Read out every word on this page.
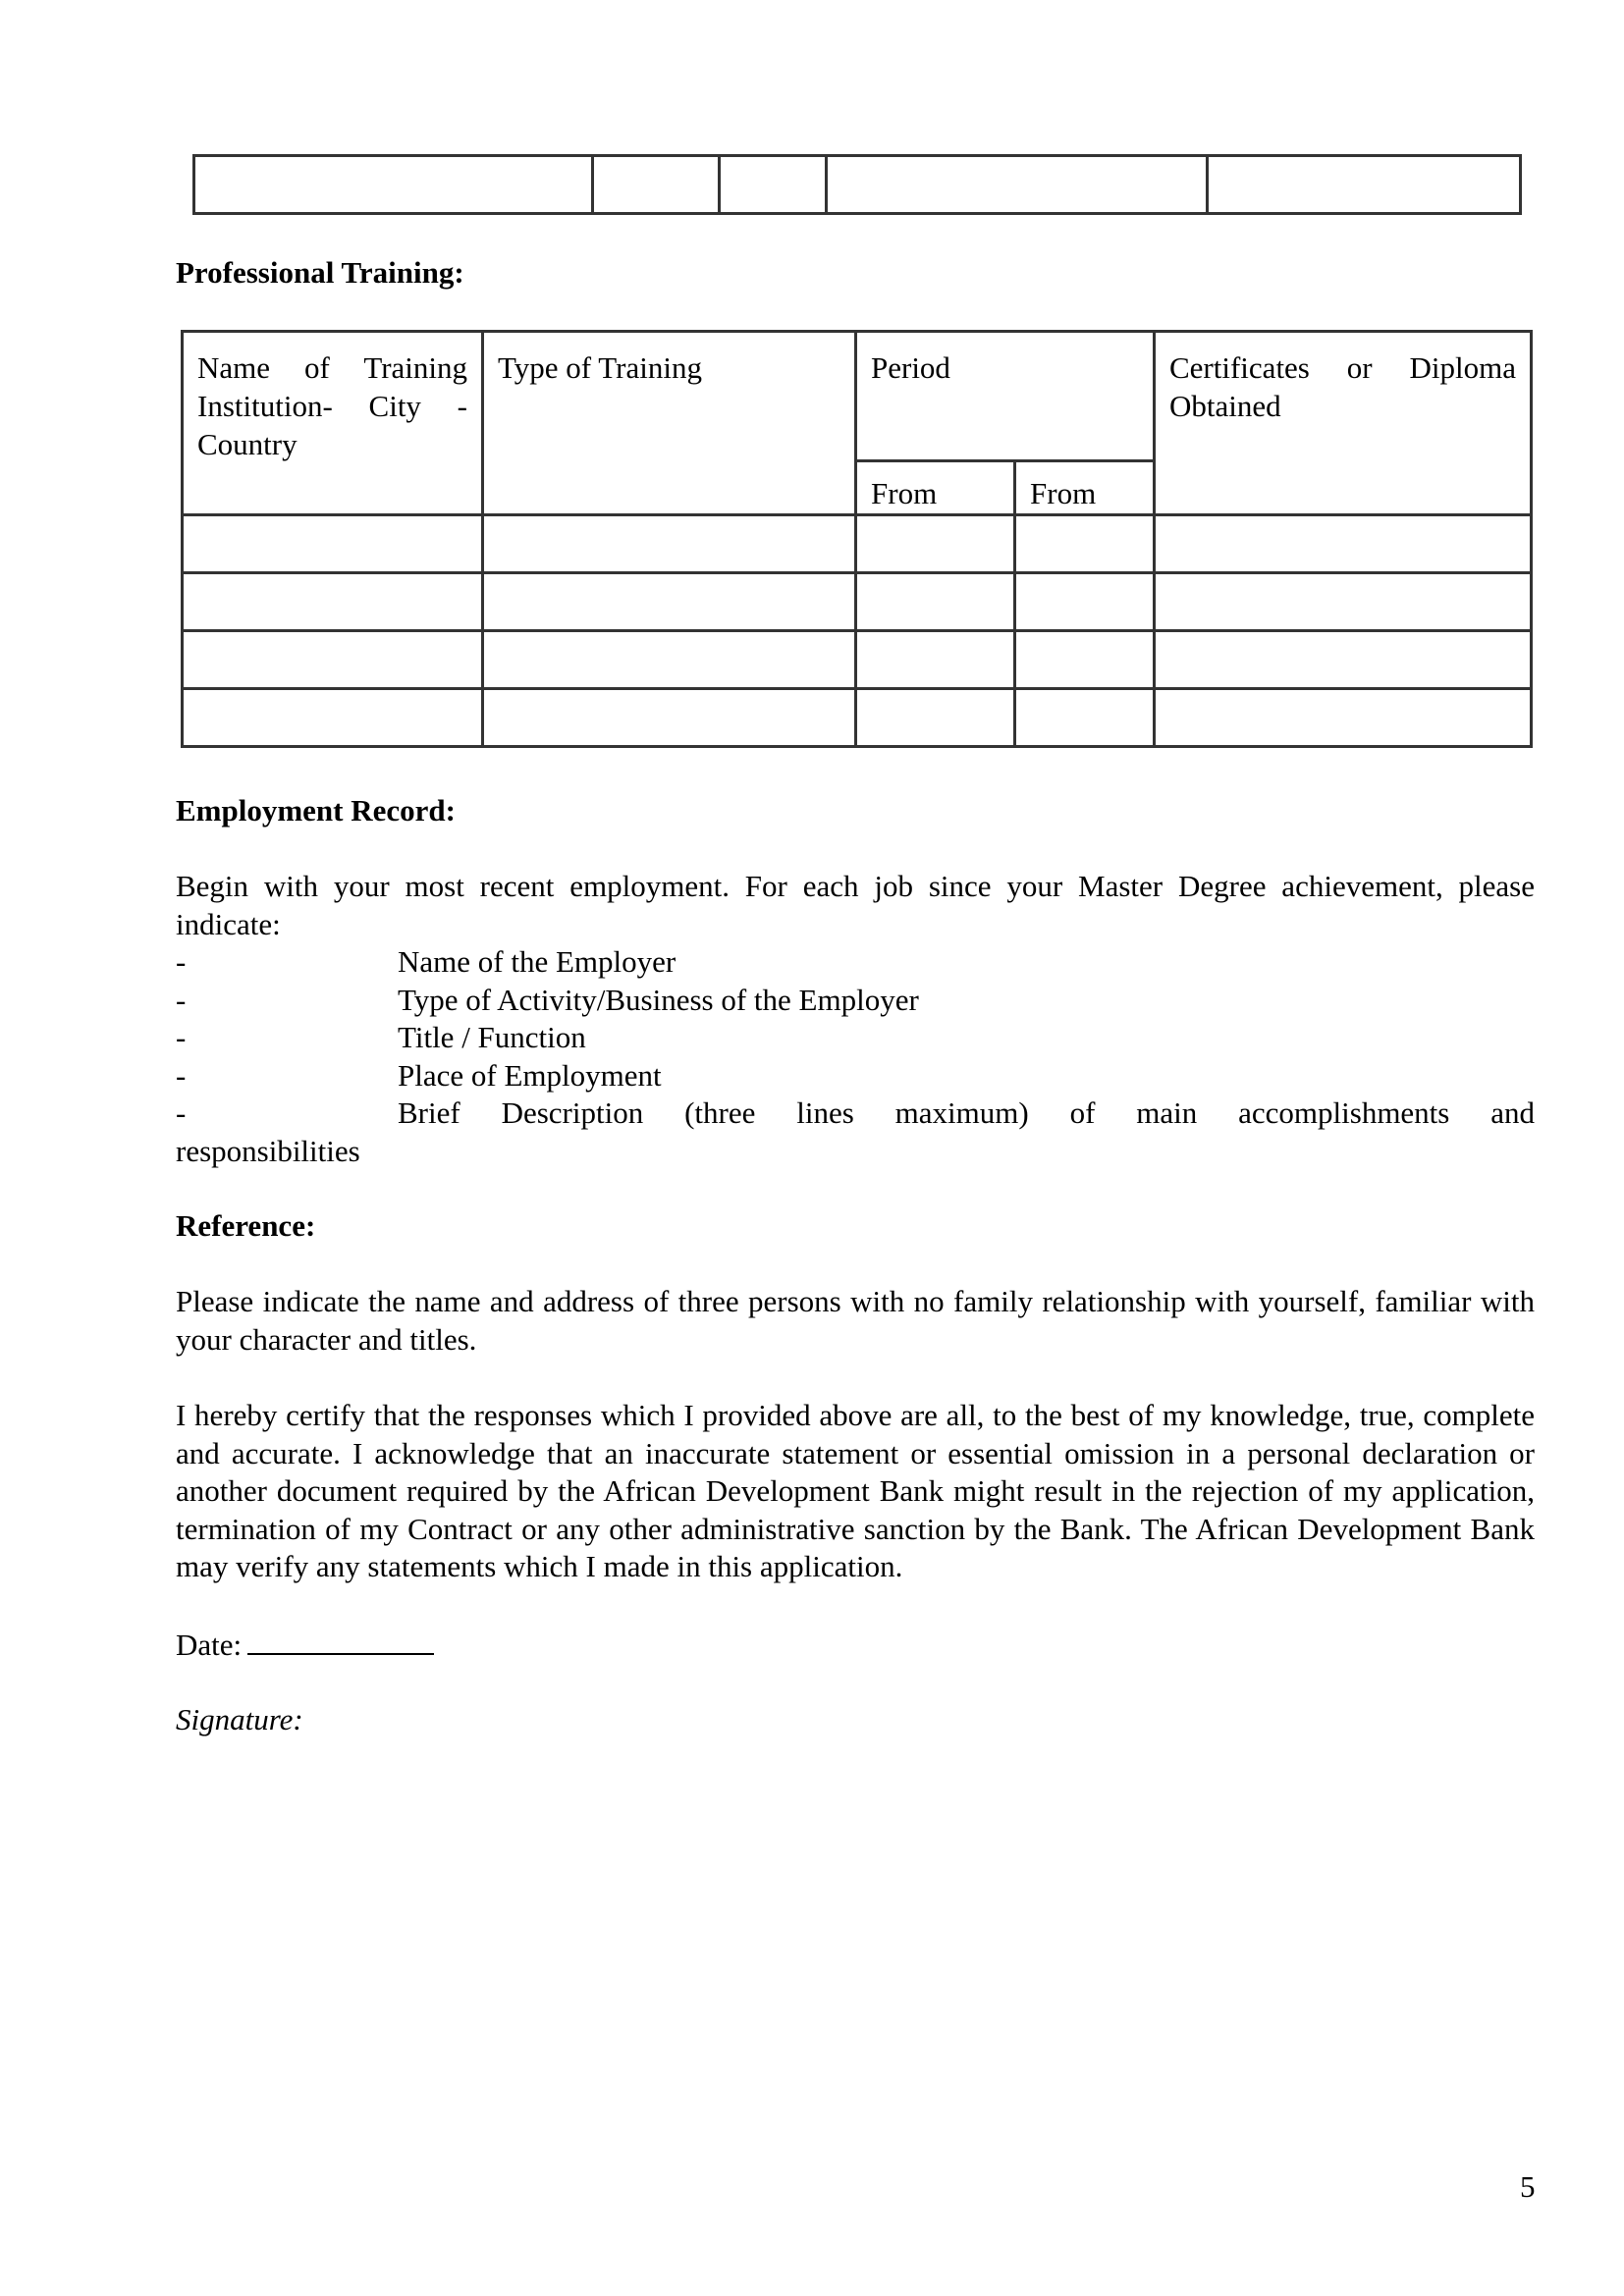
Professional Training:
Name of Training Institution- City - Country	Type of Training	Period		Certificates or Diploma Obtained
		From	From	

Employment Record:
Begin with your most recent employment. For each job since your Master Degree achievement, please indicate:
-	Name of the Employer
-	Type of Activity/Business of the Employer
-	Title / Function
-	Place of Employment
-	Brief Description (three lines maximum) of main accomplishments and
responsibilities
Reference:
Please indicate the name and address of three persons with no family relationship with yourself, familiar with your character and titles.
I hereby certify that the responses which I provided above are all, to the best of my knowledge, true, complete and accurate. I acknowledge that an inaccurate statement or essential omission in a personal declaration or another document required by the African Development Bank might result in the rejection of my application, termination of my Contract or any other administrative sanction by the Bank. The African Development Bank may verify any statements which I made in this application.
Date:
Signature:
5
